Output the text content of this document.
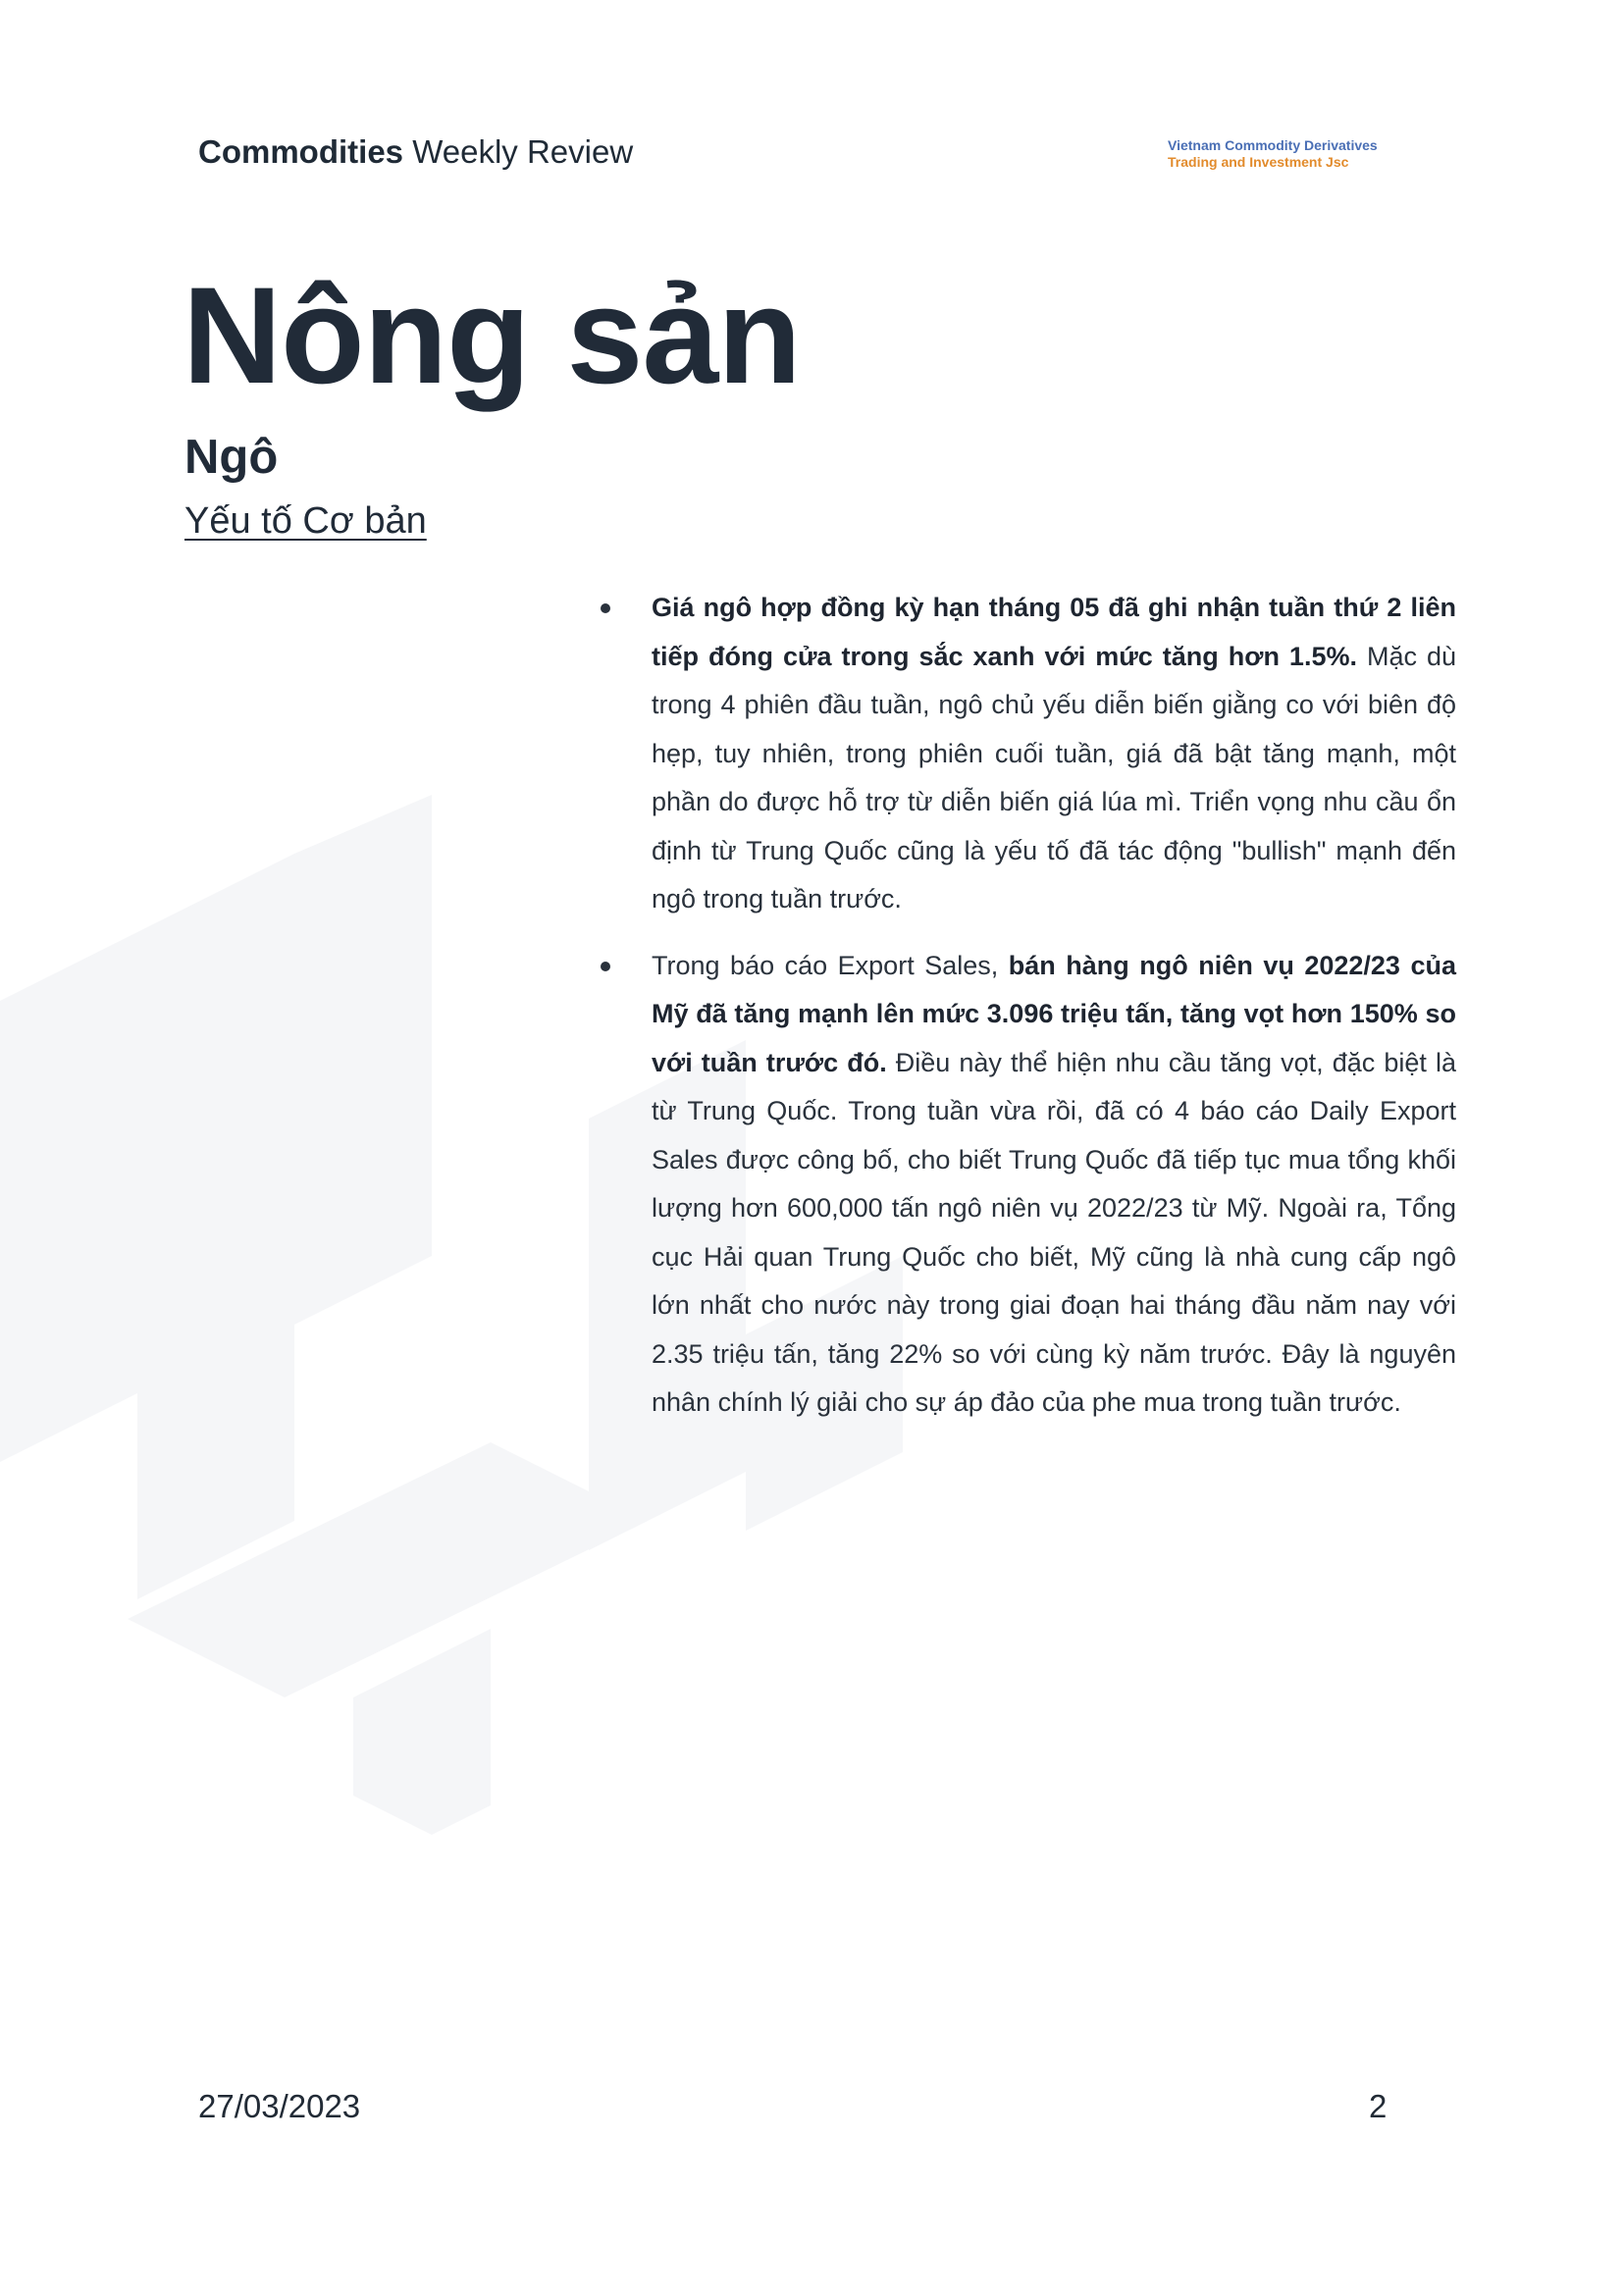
Commodities Weekly Review	Vietnam Commodity Derivatives
Trading and Investment Jsc
Nông sản
Ngô
Yếu tố Cơ bản
Giá ngô hợp đồng kỳ hạn tháng 05 đã ghi nhận tuần thứ 2 liên tiếp đóng cửa trong sắc xanh với mức tăng hơn 1.5%. Mặc dù trong 4 phiên đầu tuần, ngô chủ yếu diễn biến giằng co với biên độ hẹp, tuy nhiên, trong phiên cuối tuần, giá đã bật tăng mạnh, một phần do được hỗ trợ từ diễn biến giá lúa mì. Triển vọng nhu cầu ổn định từ Trung Quốc cũng là yếu tố đã tác động "bullish" mạnh đến ngô trong tuần trước.
Trong báo cáo Export Sales, bán hàng ngô niên vụ 2022/23 của Mỹ đã tăng mạnh lên mức 3.096 triệu tấn, tăng vọt hơn 150% so với tuần trước đó. Điều này thể hiện nhu cầu tăng vọt, đặc biệt là từ Trung Quốc. Trong tuần vừa rồi, đã có 4 báo cáo Daily Export Sales được công bố, cho biết Trung Quốc đã tiếp tục mua tổng khối lượng hơn 600,000 tấn ngô niên vụ 2022/23 từ Mỹ. Ngoài ra, Tổng cục Hải quan Trung Quốc cho biết, Mỹ cũng là nhà cung cấp ngô lớn nhất cho nước này trong giai đoạn hai tháng đầu năm nay với 2.35 triệu tấn, tăng 22% so với cùng kỳ năm trước. Đây là nguyên nhân chính lý giải cho sự áp đảo của phe mua trong tuần trước.
27/03/2023	2
